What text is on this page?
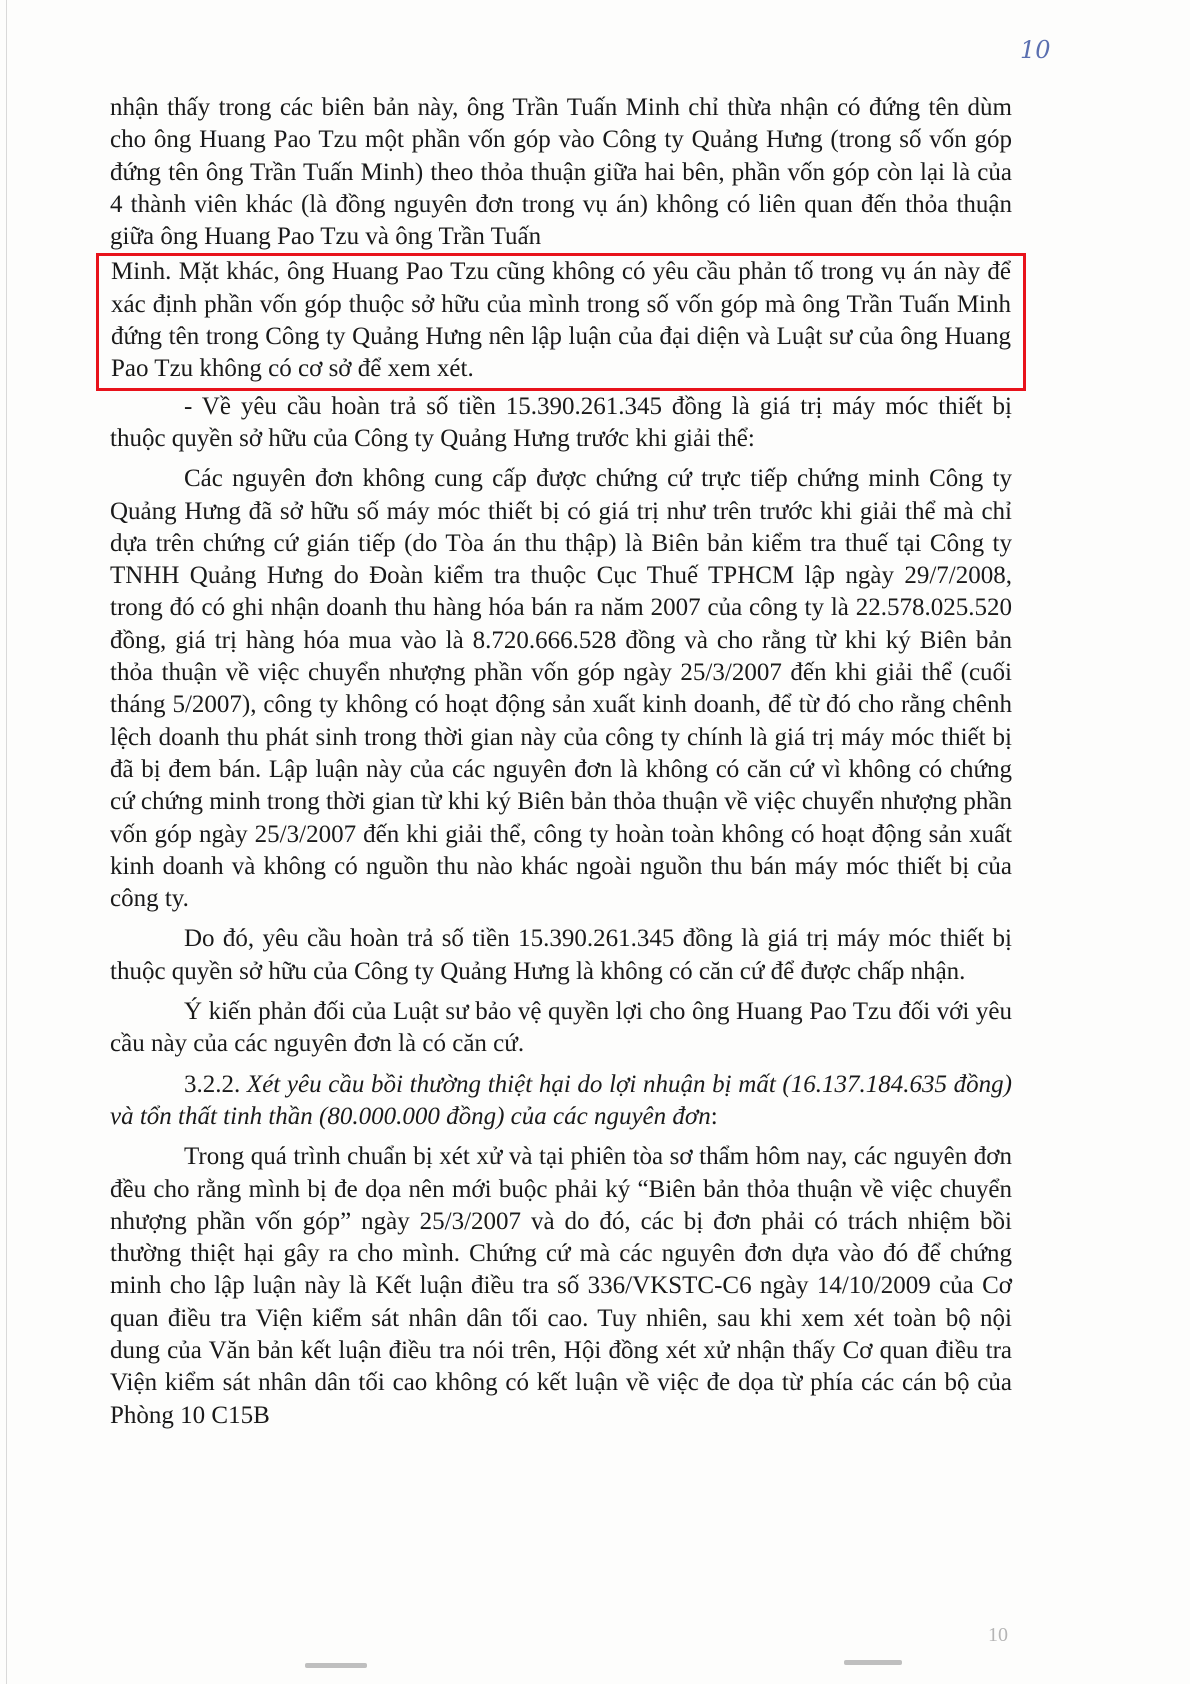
10

nhận thấy trong các biên bản này, ông Trần Tuấn Minh chỉ thừa nhận có đứng tên dùm cho ông Huang Pao Tzu một phần vốn góp vào Công ty Quảng Hưng (trong số vốn góp đứng tên ông Trần Tuấn Minh) theo thỏa thuận giữa hai bên, phần vốn góp còn lại là của 4 thành viên khác (là đồng nguyên đơn trong vụ án) không có liên quan đến thỏa thuận giữa ông Huang Pao Tzu và ông Trần Tuấn

Minh. Mặt khác, ông Huang Pao Tzu cũng không có yêu cầu phản tố trong vụ án này để xác định phần vốn góp thuộc sở hữu của mình trong số vốn góp mà ông Trần Tuấn Minh đứng tên trong Công ty Quảng Hưng nên lập luận của đại diện và Luật sư của ông Huang Pao Tzu không có cơ sở để xem xét.

- Về yêu cầu hoàn trả số tiền 15.390.261.345 đồng là giá trị máy móc thiết bị thuộc quyền sở hữu của Công ty Quảng Hưng trước khi giải thể:

Các nguyên đơn không cung cấp được chứng cứ trực tiếp chứng minh Công ty Quảng Hưng đã sở hữu số máy móc thiết bị có giá trị như trên trước khi giải thể mà chỉ dựa trên chứng cứ gián tiếp (do Tòa án thu thập) là Biên bản kiểm tra thuế tại Công ty TNHH Quảng Hưng do Đoàn kiểm tra thuộc Cục Thuế TPHCM lập ngày 29/7/2008, trong đó có ghi nhận doanh thu hàng hóa bán ra năm 2007 của công ty là 22.578.025.520 đồng, giá trị hàng hóa mua vào là 8.720.666.528 đồng và cho rằng từ khi ký Biên bản thỏa thuận về việc chuyển nhượng phần vốn góp ngày 25/3/2007 đến khi giải thể (cuối tháng 5/2007), công ty không có hoạt động sản xuất kinh doanh, để từ đó cho rằng chênh lệch doanh thu phát sinh trong thời gian này của công ty chính là giá trị máy móc thiết bị đã bị đem bán. Lập luận này của các nguyên đơn là không có căn cứ vì không có chứng cứ chứng minh trong thời gian từ khi ký Biên bản thỏa thuận về việc chuyển nhượng phần vốn góp ngày 25/3/2007 đến khi giải thể, công ty hoàn toàn không có hoạt động sản xuất kinh doanh và không có nguồn thu nào khác ngoài nguồn thu bán máy móc thiết bị của công ty.

Do đó, yêu cầu hoàn trả số tiền 15.390.261.345 đồng là giá trị máy móc thiết bị thuộc quyền sở hữu của Công ty Quảng Hưng là không có căn cứ để được chấp nhận.

Ý kiến phản đối của Luật sư bảo vệ quyền lợi cho ông Huang Pao Tzu đối với yêu cầu này của các nguyên đơn là có căn cứ.

3.2.2. Xét yêu cầu bồi thường thiệt hại do lợi nhuận bị mất (16.137.184.635 đồng) và tổn thất tinh thần (80.000.000 đồng) của các nguyên đơn:

Trong quá trình chuẩn bị xét xử và tại phiên tòa sơ thẩm hôm nay, các nguyên đơn đều cho rằng mình bị đe dọa nên mới buộc phải ký “Biên bản thỏa thuận về việc chuyển nhượng phần vốn góp” ngày 25/3/2007 và do đó, các bị đơn phải có trách nhiệm bồi thường thiệt hại gây ra cho mình. Chứng cứ mà các nguyên đơn dựa vào đó để chứng minh cho lập luận này là Kết luận điều tra số 336/VKSTC-C6 ngày 14/10/2009 của Cơ quan điều tra Viện kiểm sát nhân dân tối cao. Tuy nhiên, sau khi xem xét toàn bộ nội dung của Văn bản kết luận điều tra nói trên, Hội đồng xét xử nhận thấy Cơ quan điều tra Viện kiểm sát nhân dân tối cao không có kết luận về việc đe dọa từ phía các cán bộ của Phòng 10 C15B

10
